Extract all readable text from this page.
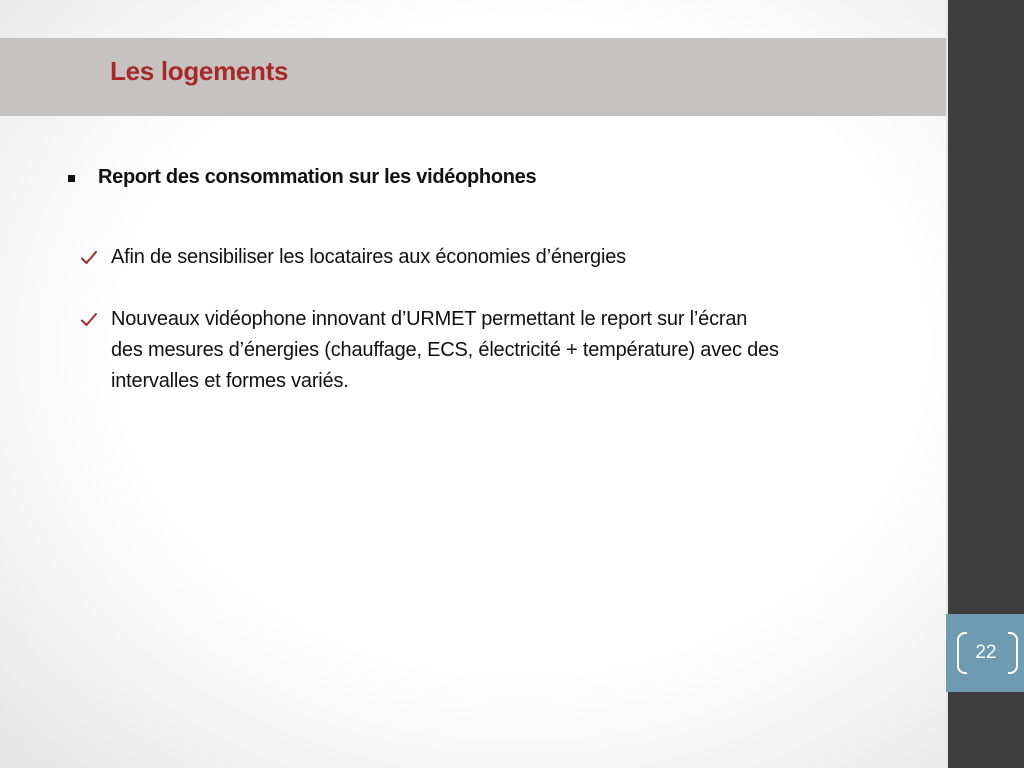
Les logements
Report des consommation sur les vidéophones
Afin de sensibiliser les locataires aux économies d’énergies
Nouveaux vidéophone innovant d’URMET permettant le report sur l’écran des mesures d’énergies (chauffage, ECS, électricité + température) avec des intervalles et formes variés.
22
